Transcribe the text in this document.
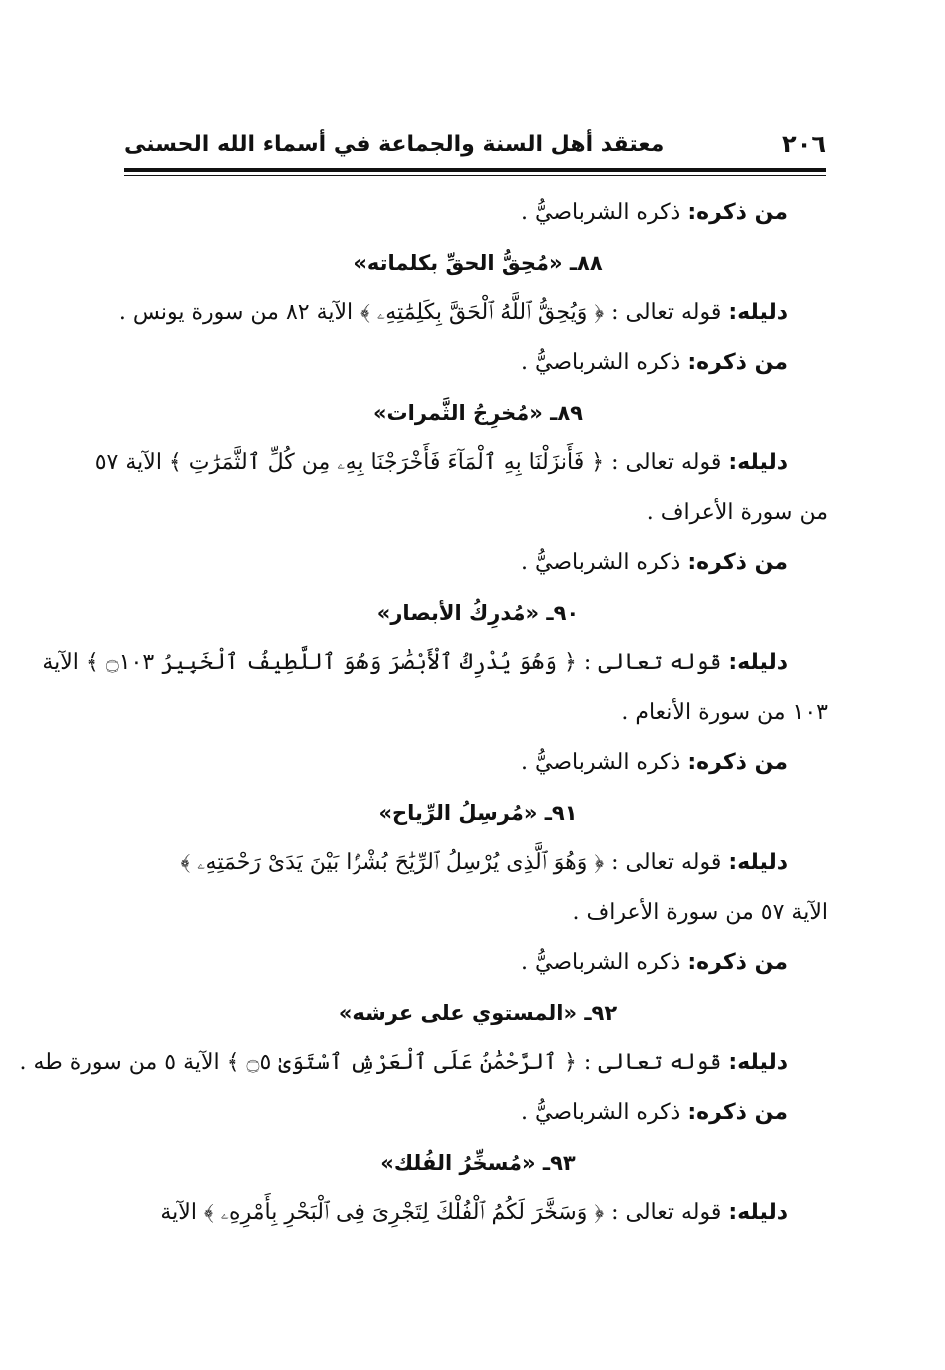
٢٠٦
معتقد أهل السنة والجماعة في أسماء الله الحسنى
من ذكره: ذكره الشرباصيُّ .
٨٨ـ «مُحِقُّ الحقِّ بكلماته»
دليله: قوله تعالى : ﴿ وَيُحِقُّ ٱللَّهُ ٱلْحَقَّ بِكَلِمَٰتِهِۦ ﴾ الآية ٨٢ من سورة يونس .
من ذكره: ذكره الشرباصيُّ .
٨٩ـ «مُخرِجُ الثَّمرات»
دليله: قوله تعالى : ﴿ فَأَنزَلْنَا بِهِ ٱلْمَآءَ فَأَخْرَجْنَا بِهِۦ مِن كُلِّ ٱلثَّمَرَٰتِ ﴾ الآية ٥٧
من سورة الأعراف .
من ذكره: ذكره الشرباصيُّ .
٩٠ـ «مُدرِكُ الأبصار»
دليله: قوله تعالى : ﴿ وَهُوَ يُدْرِكُ ٱلْأَبْصَٰرَ وَهُوَ ٱللَّطِيفُ ٱلْخَبِيرُ ۝١٠٣ ﴾ الآية
١٠٣ من سورة الأنعام .
من ذكره: ذكره الشرباصيُّ .
٩١ـ «مُرسِلُ الرِّياح»
دليله: قوله تعالى : ﴿ وَهُوَ ٱلَّذِى يُرْسِلُ ٱلرِّيَٰحَ بُشْرًۢا بَيْنَ يَدَىْ رَحْمَتِهِۦ ﴾
الآية ٥٧ من سورة الأعراف .
من ذكره: ذكره الشرباصيُّ .
٩٢ـ «المستوي على عرشه»
دليله: قوله تعالى : ﴿ ٱلرَّحْمَٰنُ عَلَى ٱلْعَرْشِ ٱسْتَوَىٰ ۝٥ ﴾ الآية ٥ من سورة طه .
من ذكره: ذكره الشرباصيُّ .
٩٣ـ «مُسخِّرُ الفُلك»
دليله: قوله تعالى : ﴿ وَسَخَّرَ لَكُمُ ٱلْفُلْكَ لِتَجْرِىَ فِى ٱلْبَحْرِ بِأَمْرِهِۦ ﴾ الآية
